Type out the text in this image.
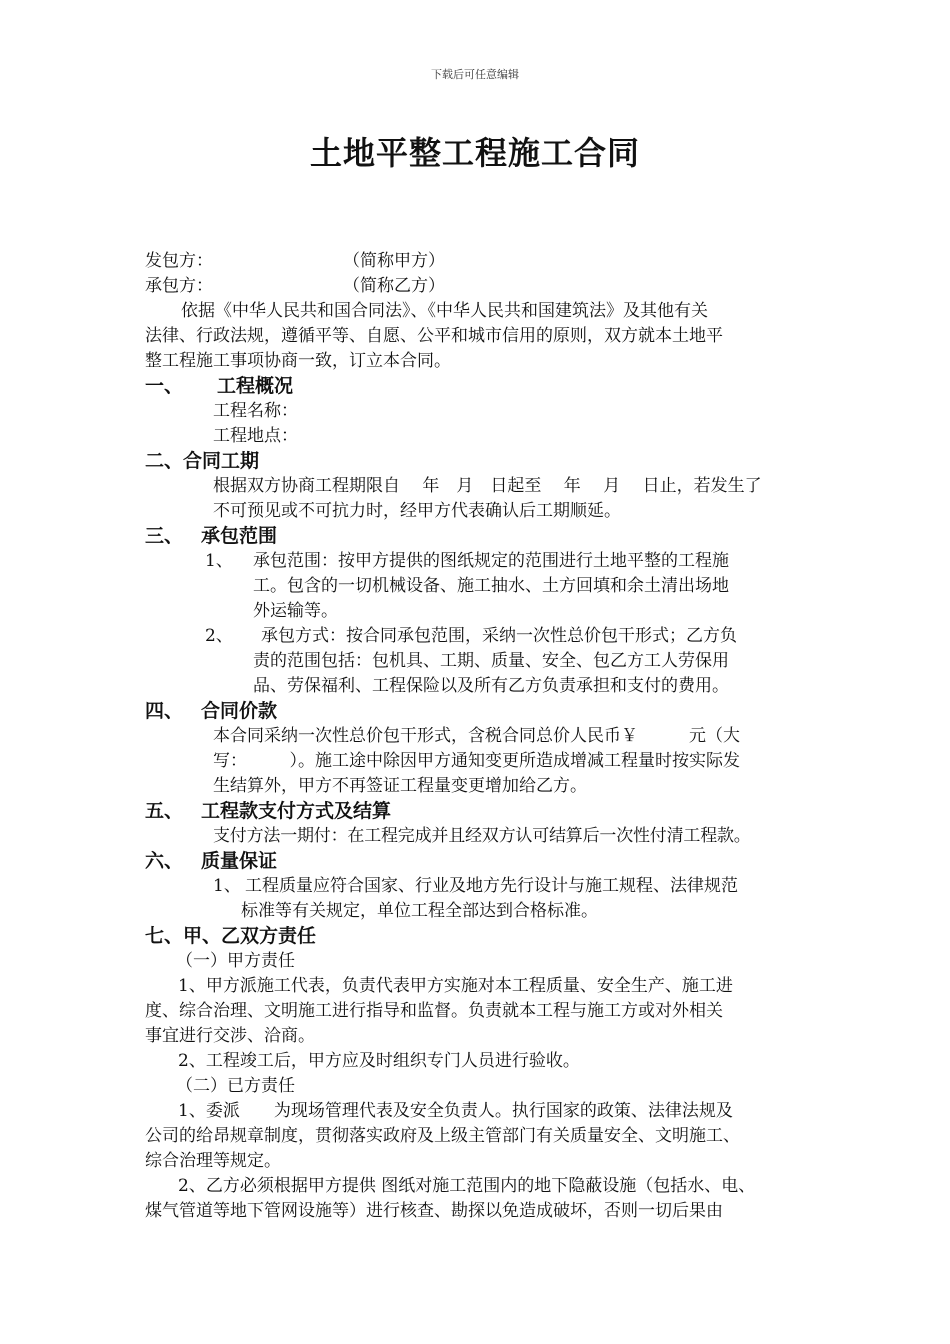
下载后可任意编辑
土地平整工程施工合同
发包方：	（简称甲方）
承包方：	（简称乙方）
依据《中华人民共和国合同法》、《中华人民共和国建筑法》及其他有关
法律、行政法规，遵循平等、自愿、公平和城市信用的原则，双方就本土地平
整工程施工事项协商一致，订立本合同。
一、 工程概况
工程名称：
工程地点：
二、合同工期
根据双方协商工程期限自　 年　月　日起至　 年　 月　 日止，若发生了
不可预见或不可抗力时，经甲方代表确认后工期顺延。
三、 承包范围
1、 承包范围：按甲方提供的图纸规定的范围进行土地平整的工程施
工。包含的一切机械设备、施工抽水、土方回填和余土清出场地
外运输等。
2、 承包方式：按合同承包范围，采纳一次性总价包干形式；乙方负
责的范围包括：包机具、工期、质量、安全、包乙方工人劳保用
品、劳保福利、工程保险以及所有乙方负责承担和支付的费用。
四、 合同价款
本合同采纳一次性总价包干形式，含税合同总价人民币￥　　　元（大
写：　　　）。施工途中除因甲方通知变更所造成增减工程量时按实际发
生结算外，甲方不再签证工程量变更增加给乙方。
五、 工程款支付方式及结算
支付方法一期付：在工程完成并且经双方认可结算后一次性付清工程款。
六、 质量保证
1、 工程质量应符合国家、行业及地方先行设计与施工规程、法律规范
标准等有关规定，单位工程全部达到合格标准。
七、甲、乙双方责任
（一）甲方责任
1、甲方派施工代表，负责代表甲方实施对本工程质量、安全生产、施工进
度、综合治理、文明施工进行指导和监督。负责就本工程与施工方或对外相关
事宜进行交涉、洽商。
2、工程竣工后，甲方应及时组织专门人员进行验收。
（二）已方责任
1、委派　　为现场管理代表及安全负责人。执行国家的政策、法律法规及
公司的给昂规章制度，贯彻落实政府及上级主管部门有关质量安全、文明施工、
综合治理等规定。
2、乙方必须根据甲方提供 图纸对施工范围内的地下隐蔽设施（包括水、电、
煤气管道等地下管网设施等）进行核查、勘探以免造成破坏，否则一切后果由
